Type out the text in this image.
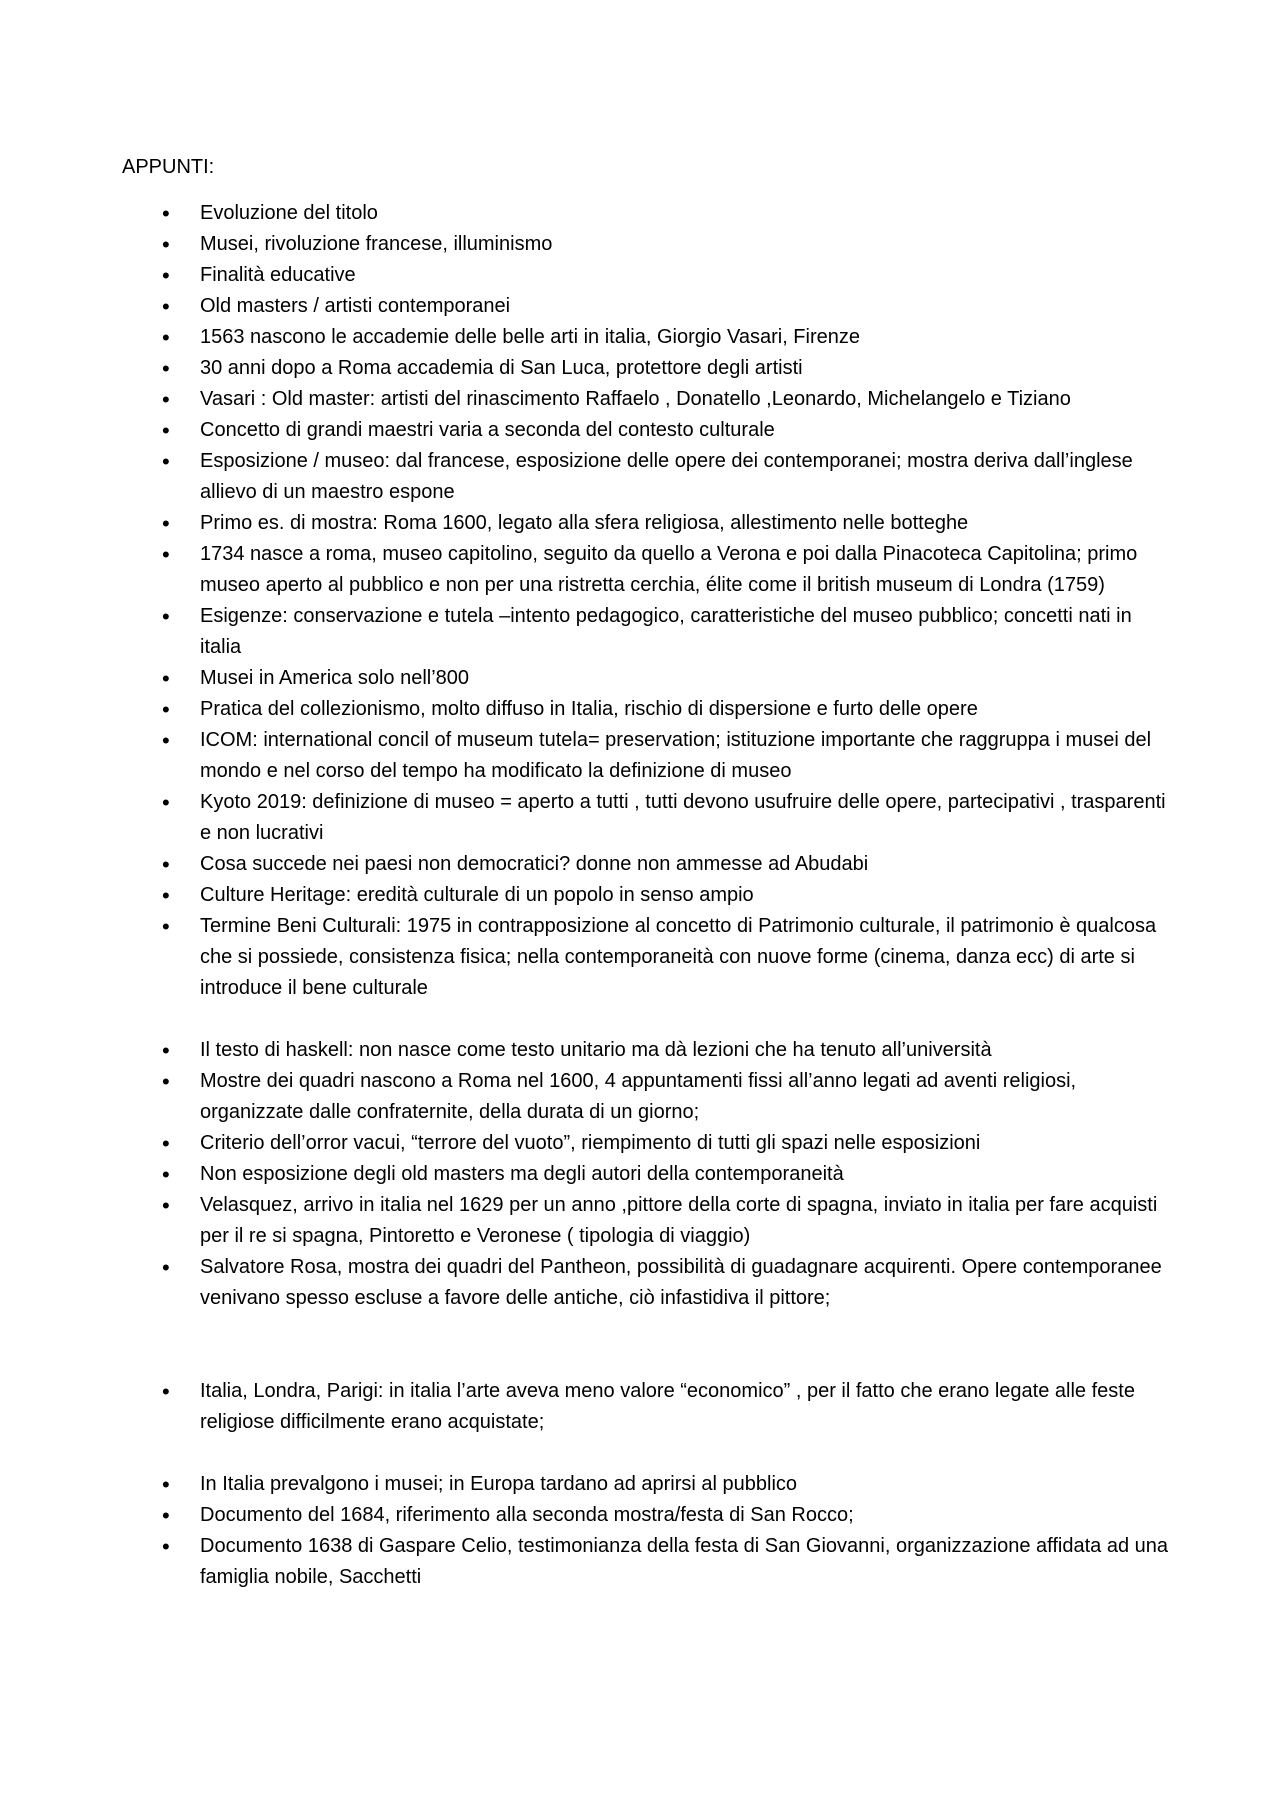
APPUNTI:
• Evoluzione del titolo
• Musei, rivoluzione francese, illuminismo
• Finalità educative
• Old masters / artisti contemporanei
• 1563 nascono le accademie delle belle arti in italia, Giorgio Vasari, Firenze
• 30 anni dopo a Roma accademia di San Luca, protettore degli artisti
• Vasari : Old master: artisti del rinascimento Raffaelo , Donatello ,Leonardo, Michelangelo e Tiziano
• Concetto di grandi maestri varia a seconda del contesto culturale
• Esposizione / museo: dal francese, esposizione delle opere dei contemporanei; mostra deriva dall’inglese allievo di un maestro espone
• Primo es. di mostra: Roma 1600, legato alla sfera religiosa, allestimento nelle botteghe
• 1734 nasce a roma, museo capitolino, seguito da quello a Verona e poi dalla Pinacoteca Capitolina; primo museo aperto al pubblico e non per una ristretta cerchia, élite come il british museum di Londra (1759)
• Esigenze: conservazione e tutela –intento pedagogico, caratteristiche del museo pubblico; concetti nati in italia
• Musei in America solo nell’800
• Pratica del collezionismo, molto diffuso in Italia, rischio di dispersione e furto delle opere
• ICOM: international concil of museum tutela= preservation; istituzione importante che raggruppa i musei del mondo e nel corso del tempo ha modificato la definizione di museo
• Kyoto 2019: definizione di museo = aperto a tutti , tutti devono usufruire delle opere, partecipativi , trasparenti e non lucrativi
• Cosa succede nei paesi non democratici? donne non ammesse ad Abudabi
• Culture Heritage: eredità culturale di un popolo in senso ampio
• Termine Beni Culturali: 1975 in contrapposizione al concetto di Patrimonio culturale, il patrimonio è qualcosa che si possiede, consistenza fisica; nella contemporaneità con nuove forme (cinema, danza ecc) di arte si introduce il bene culturale
• Il testo di haskell: non nasce come testo unitario ma dà lezioni che ha tenuto all’università
• Mostre dei quadri nascono a Roma nel 1600, 4 appuntamenti fissi all’anno legati ad aventi religiosi, organizzate dalle confraternite, della durata di un giorno;
• Criterio dell’orror vacui, “terrore del vuoto”, riempimento di tutti gli spazi nelle esposizioni
• Non esposizione degli old masters ma degli autori della contemporaneità
• Velasquez, arrivo in italia nel 1629 per un anno ,pittore della corte di spagna, inviato in italia per fare acquisti per il re si spagna, Pintoretto e Veronese ( tipologia di viaggio)
• Salvatore Rosa, mostra dei quadri del Pantheon, possibilità di guadagnare acquirenti. Opere contemporanee venivano spesso escluse a favore delle antiche, ciò infastidiva il pittore;
• Italia, Londra, Parigi: in italia l’arte aveva meno valore “economico” , per il fatto che erano legate alle feste religiose difficilmente erano acquistate;
• In Italia prevalgono i musei; in Europa tardano ad aprirsi al pubblico
• Documento del 1684, riferimento alla seconda mostra/festa di San Rocco;
• Documento 1638 di Gaspare Celio, testimonianza della festa di San Giovanni, organizzazione affidata ad una famiglia nobile, Sacchetti
